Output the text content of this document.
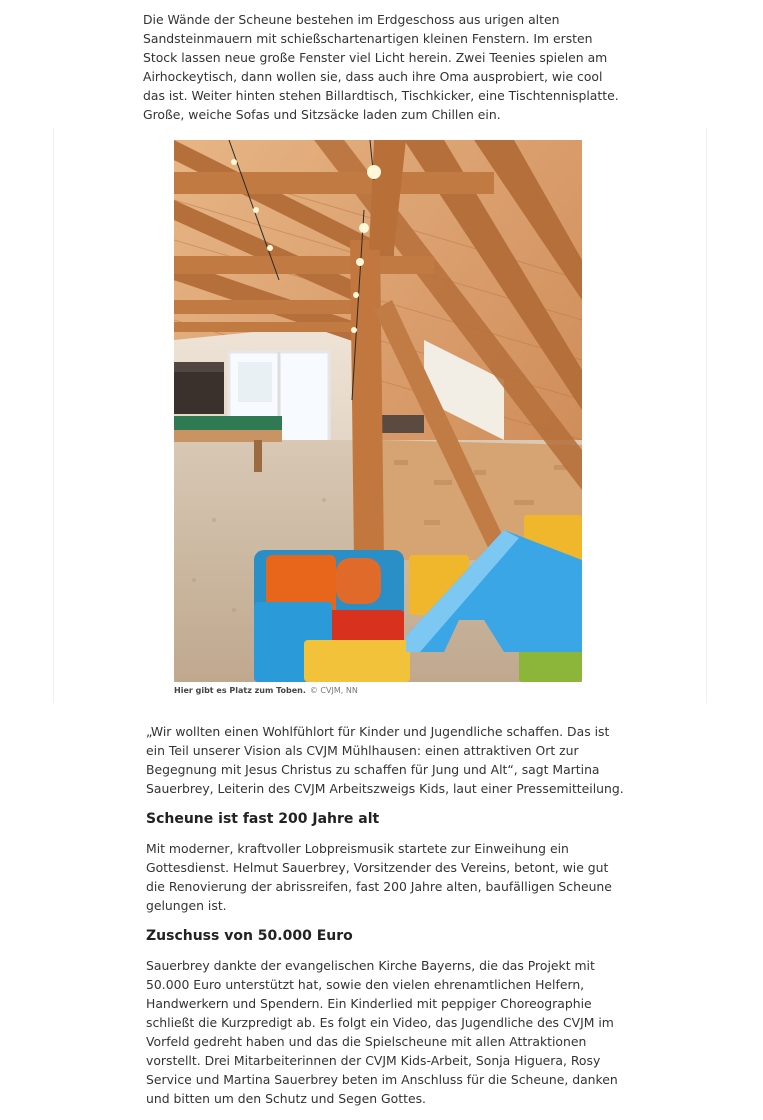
Die Wände der Scheune bestehen im Erdgeschoss aus urigen alten Sandsteinmauern mit schießschartenartigen kleinen Fenstern. Im ersten Stock lassen neue große Fenster viel Licht herein. Zwei Teenies spielen am Airhockeytisch, dann wollen sie, dass auch ihre Oma ausprobiert, wie cool das ist. Weiter hinten stehen Billardtisch, Tischkicker, eine Tischtennisplatte. Große, weiche Sofas und Sitzsäcke laden zum Chillen ein.

Hier gibt es Platz zum Toben. © CVJM, NN

„Wir wollten einen Wohlfühlort für Kinder und Jugendliche schaffen. Das ist ein Teil unserer Vision als CVJM Mühlhausen: einen attraktiven Ort zur Begegnung mit Jesus Christus zu schaffen für Jung und Alt“, sagt Martina Sauerbrey, Leiterin des CVJM Arbeitszweigs Kids, laut einer Pressemitteilung.

Scheune ist fast 200 Jahre alt

Mit moderner, kraftvoller Lobpreismusik startete zur Einweihung ein Gottesdienst. Helmut Sauerbrey, Vorsitzender des Vereins, betont, wie gut die Renovierung der abrissreifen, fast 200 Jahre alten, baufälligen Scheune gelungen ist.

Zuschuss von 50.000 Euro

Sauerbrey dankte der evangelischen Kirche Bayerns, die das Projekt mit 50.000 Euro unterstützt hat, sowie den vielen ehrenamtlichen Helfern, Handwerkern und Spendern. Ein Kinderlied mit peppiger Choreographie schließt die Kurzpredigt ab. Es folgt ein Video, das Jugendliche des CVJM im Vorfeld gedreht haben und das die Spielscheune mit allen Attraktionen vorstellt. Drei Mitarbeiterinnen der CVJM Kids-Arbeit, Sonja Higuera, Rosy Service und Martina Sauerbrey beten im Anschluss für die Scheune, danken und bitten um den Schutz und Segen Gottes.
